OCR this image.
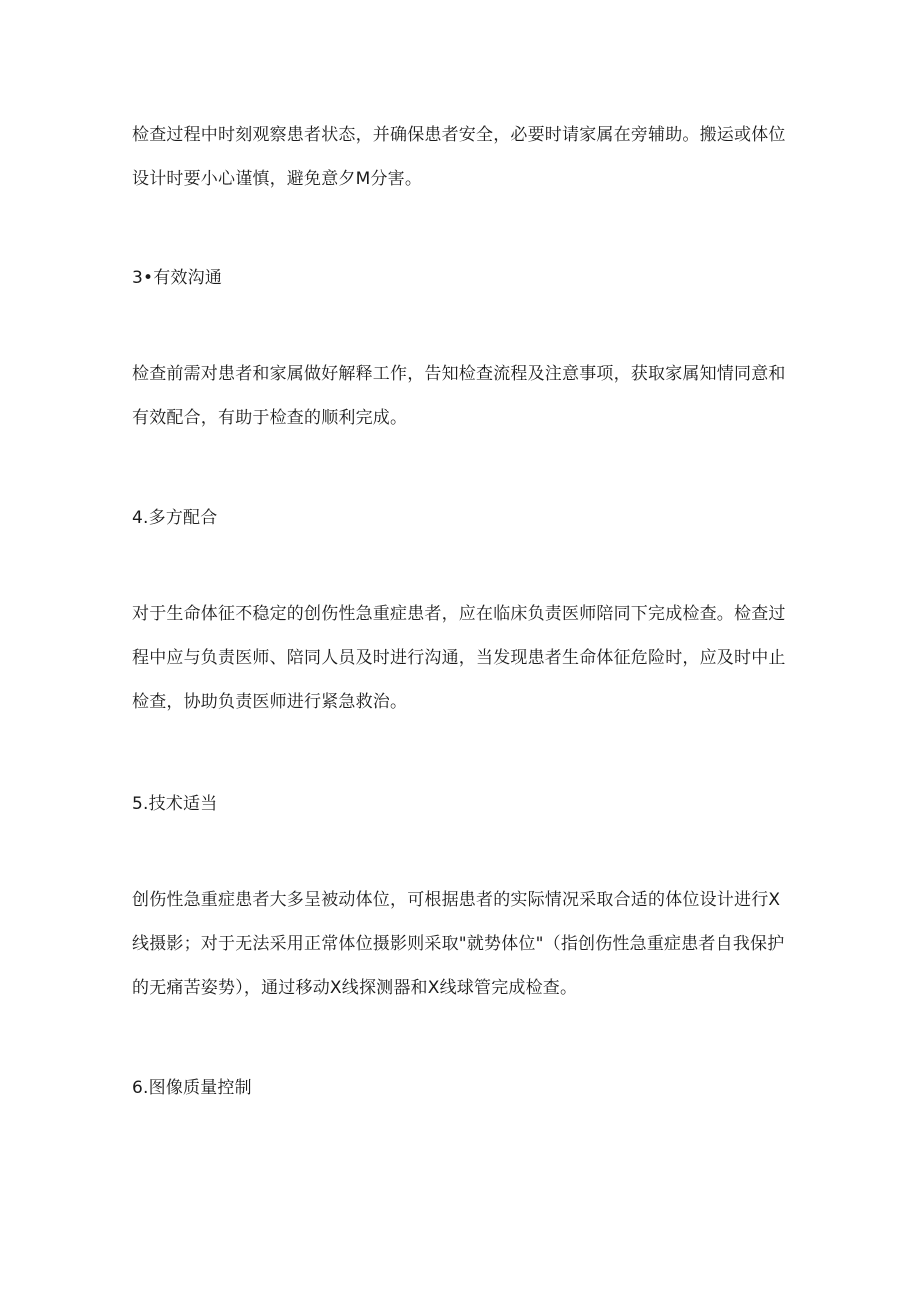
检查过程中时刻观察患者状态，并确保患者安全，必要时请家属在旁辅助。搬运或体位设计时要小心谨慎，避免意夕M分害。

3•有效沟通

检查前需对患者和家属做好解释工作，告知检查流程及注意事项，获取家属知情同意和有效配合，有助于检查的顺利完成。

4.多方配合

对于生命体征不稳定的创伤性急重症患者，应在临床负责医师陪同下完成检查。检查过程中应与负责医师、陪同人员及时进行沟通，当发现患者生命体征危险时，应及时中止检查，协助负责医师进行紧急救治。

5.技术适当

创伤性急重症患者大多呈被动体位，可根据患者的实际情况采取合适的体位设计进行X线摄影；对于无法采用正常体位摄影则采取"就势体位"（指创伤性急重症患者自我保护的无痛苦姿势），通过移动X线探测器和X线球管完成检查。

6.图像质量控制
